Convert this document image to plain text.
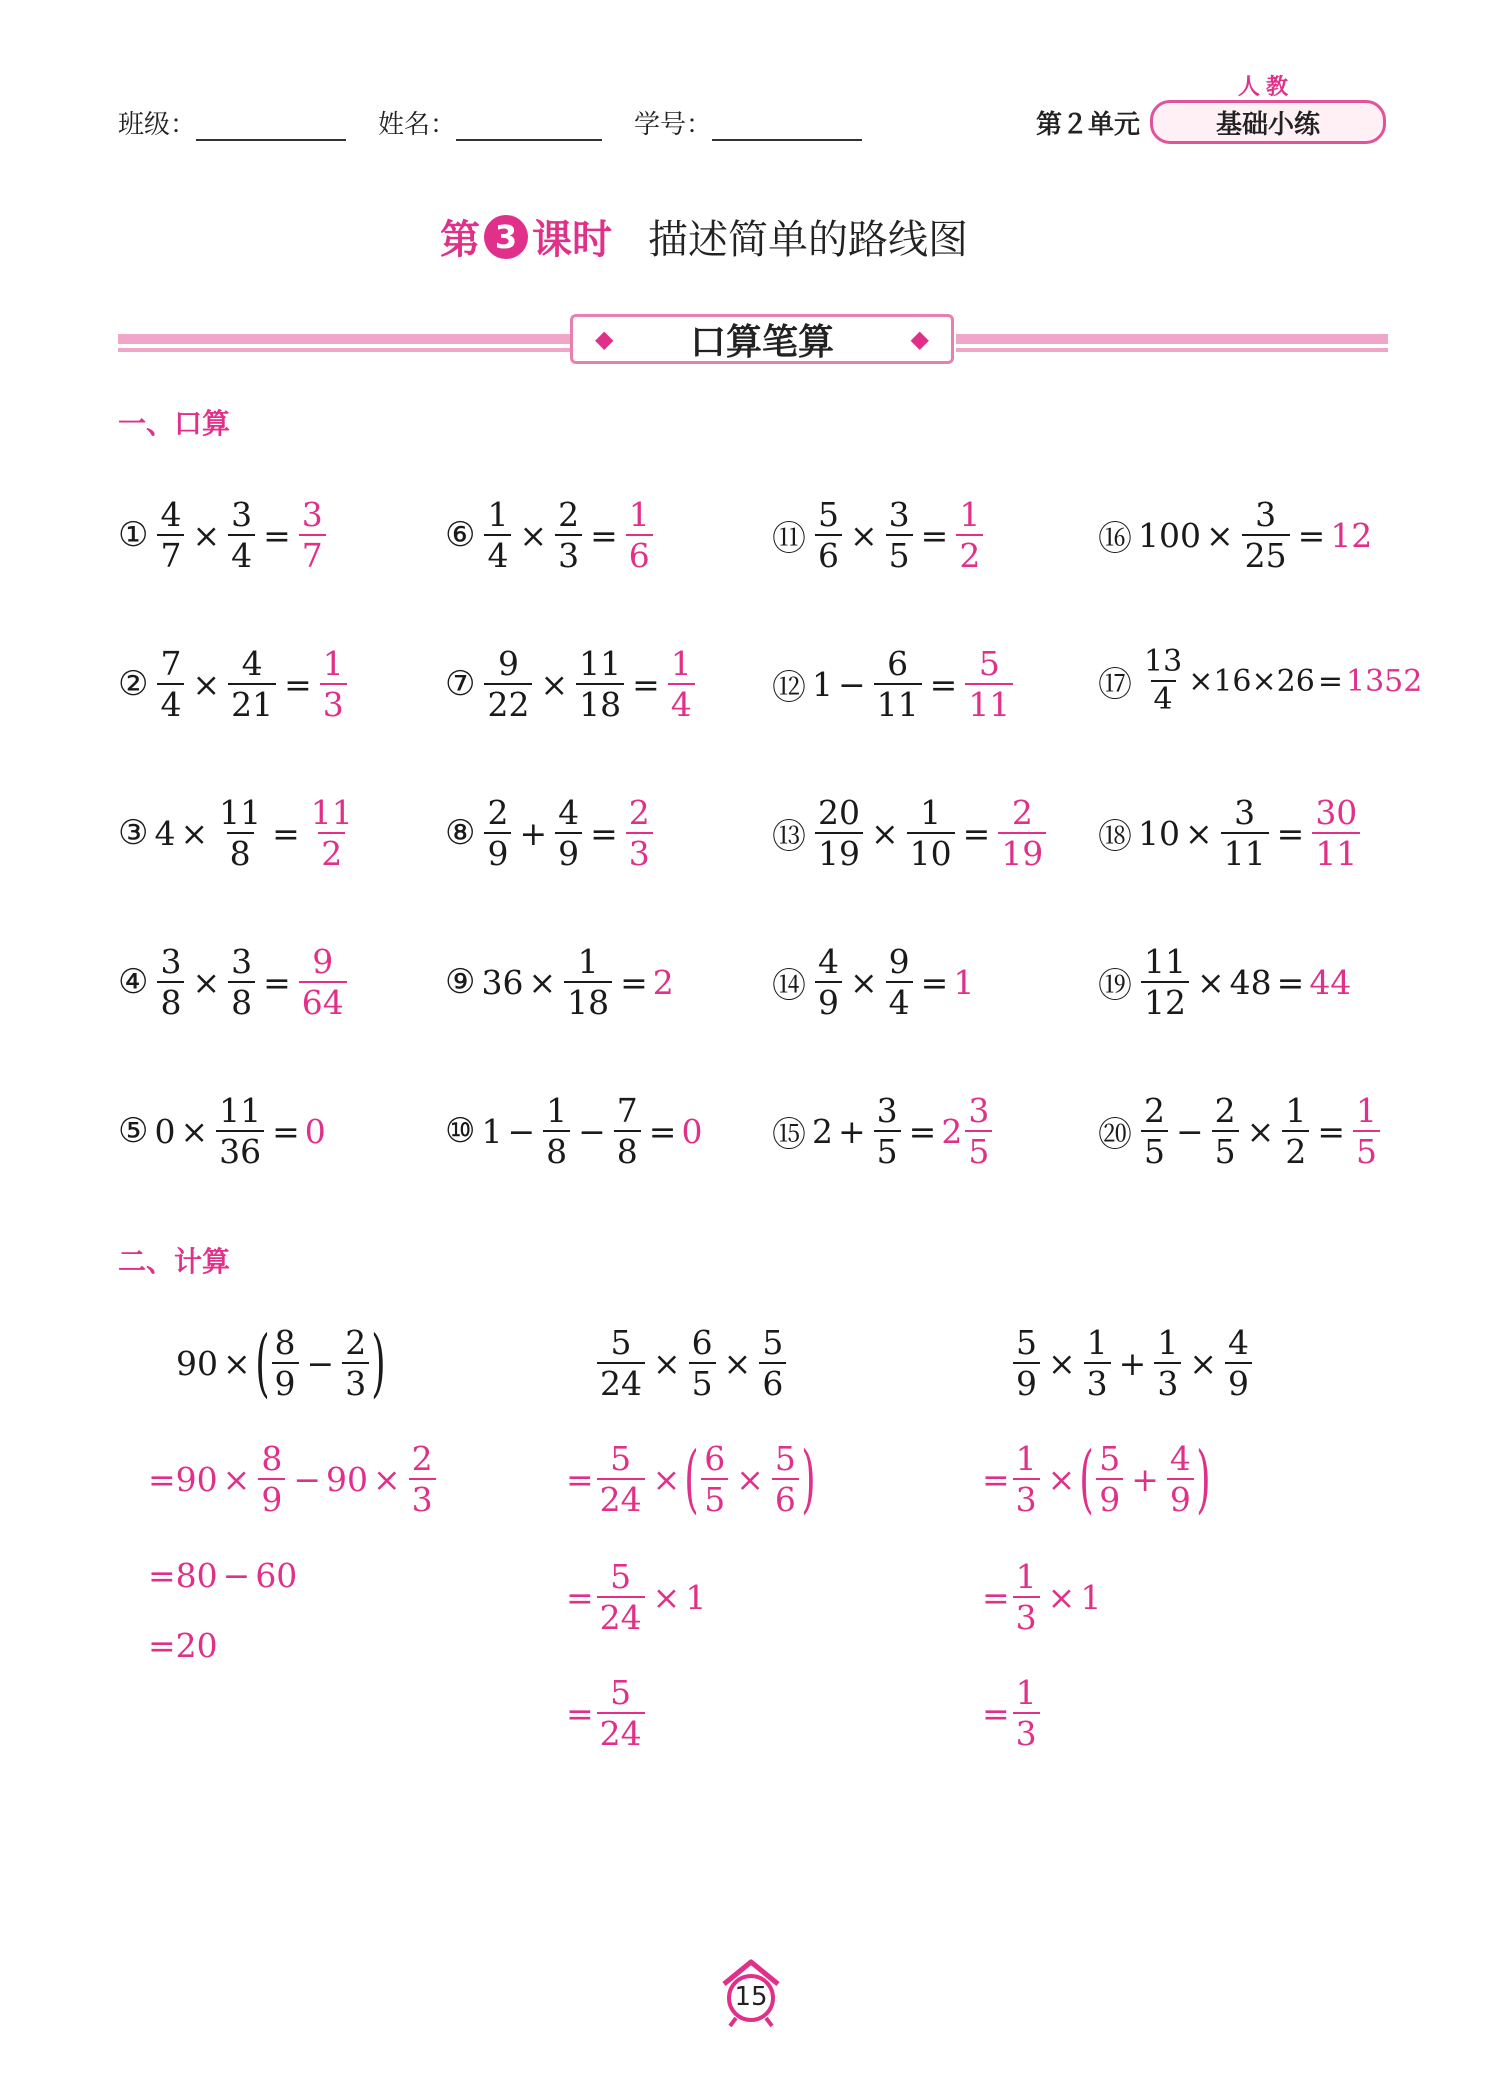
班级：	姓名：	学号：	第２单元
人教
基础小练
第 3 课时 描述简单的路线图
◆ 口算笔算	◆
一、口算
① $\frac{4}{7} \times \frac{3}{4} = \frac{3}{7}$	⑥ $\frac{1}{4} \times \frac{2}{3} = \frac{1}{6}$	⑪ $\frac{5}{6} \times \frac{3}{5} = \frac{1}{2}$	⑯ $100 \times \frac{3}{25} = 12$
② $\frac{7}{4} \times \frac{4}{21} = \frac{1}{3}$	⑦ $\frac{9}{22} \times \frac{11}{18} = \frac{1}{4}$ ⑫ $1 - \frac{6}{11} = \frac{5}{11}$ ⑰ $\frac{13}{4} \times 16 \times 26 = 1352$
③ $4 \times \frac{11}{8} = \frac{11}{2}$	⑧ $\frac{2}{9} + \frac{4}{9} = \frac{2}{3}$	⑬ $\frac{20}{19} \times \frac{1}{10} = \frac{2}{19}$ ⑱ $10 \times \frac{3}{11} = \frac{30}{11}$
④ $\frac{3}{8} \times \frac{3}{8} = \frac{9}{64}$	⑨ $36 \times \frac{1}{18} = 2$	⑭ $\frac{4}{9} \times \frac{9}{4} = 1$	⑲ $\frac{11}{12} \times 48 = 44$
⑤ $0 \times \frac{11}{36} = 0$	⑩ $1 - \frac{1}{8} - \frac{7}{8} = 0$ ⑮ $2 + \frac{3}{5} = 2 \frac{3}{5}$	⑳ $\frac{2}{5} - \frac{2}{5} \times \frac{1}{2} = \frac{1}{5}$
二、计算
90 × ( $\frac{8}{9} - \frac{2}{3}$ )
= $90 \times \frac{8}{9} - 90 \times \frac{2}{3}$
= 80 − 60
= 20
$\frac{5}{24} \times \frac{6}{5} \times \frac{5}{6}$
= $\frac{5}{24}$ × ( $\frac{6}{5} \times \frac{5}{6}$ )
= $\frac{5}{24} \times 1$
= $\frac{5}{24}$
$\frac{5}{9} \times \frac{1}{3} + \frac{1}{3} \times \frac{4}{9}$
= $\frac{1}{3}$ × ( $\frac{5}{9} + \frac{4}{9}$ )
= $\frac{1}{3} \times 1$
= $\frac{1}{3}$
15
